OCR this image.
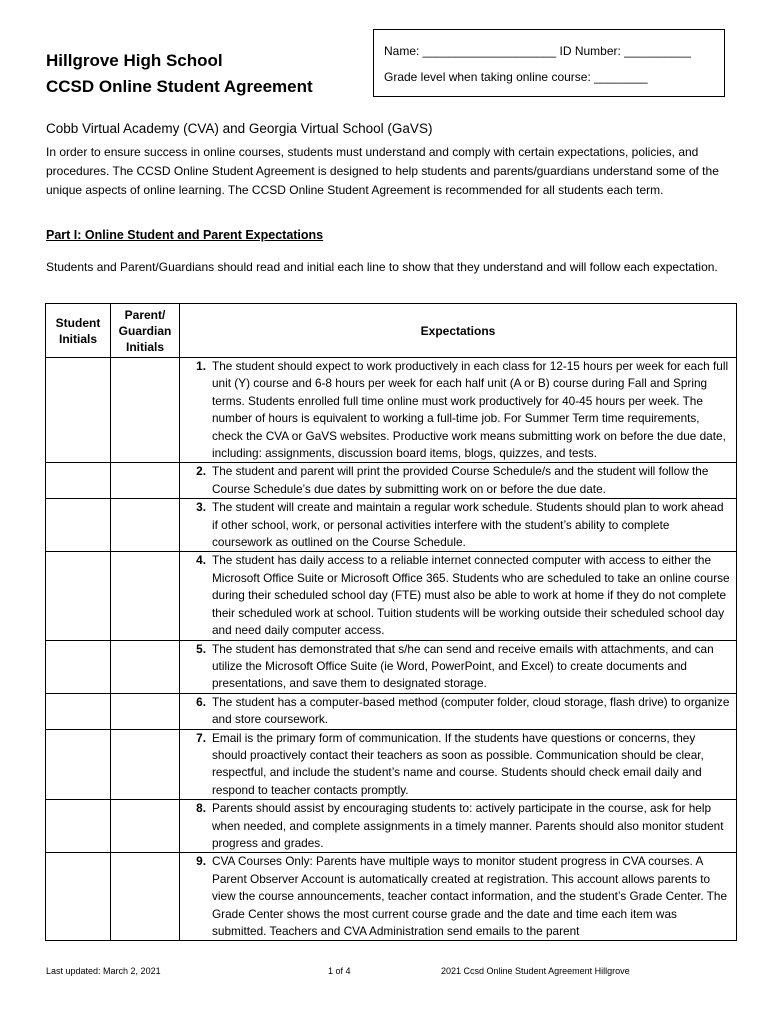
Hillgrove High School
CCSD Online Student Agreement
Name: ____________________ ID Number: __________
Grade level when taking online course: ________
Cobb Virtual Academy (CVA) and Georgia Virtual School (GaVS)
In order to ensure success in online courses, students must understand and comply with certain expectations, policies, and procedures. The CCSD Online Student Agreement is designed to help students and parents/guardians understand some of the unique aspects of online learning. The CCSD Online Student Agreement is recommended for all students each term.
Part I: Online Student and Parent Expectations
Students and Parent/Guardians should read and initial each line to show that they understand and will follow each expectation.
Student Initials	Parent/ Guardian Initials	Expectations

		1. The student should expect to work productively in each class for 12-15 hours per week for each full unit (Y) course and 6-8 hours per week for each half unit (A or B) course during Fall and Spring terms. Students enrolled full time online must work productively for 40-45 hours per week. The number of hours is equivalent to working a full-time job. For Summer Term time requirements, check the CVA or GaVS websites. Productive work means submitting work on before the due date, including: assignments, discussion board items, blogs, quizzes, and tests.

		2. The student and parent will print the provided Course Schedule/s and the student will follow the Course Schedule’s due dates by submitting work on or before the due date.

		3. The student will create and maintain a regular work schedule. Students should plan to work ahead if other school, work, or personal activities interfere with the student’s ability to complete coursework as outlined on the Course Schedule.

		4. The student has daily access to a reliable internet connected computer with access to either the Microsoft Office Suite or Microsoft Office 365. Students who are scheduled to take an online course during their scheduled school day (FTE) must also be able to work at home if they do not complete their scheduled work at school. Tuition students will be working outside their scheduled school day and need daily computer access.

		5. The student has demonstrated that s/he can send and receive emails with attachments, and can utilize the Microsoft Office Suite (ie Word, PowerPoint, and Excel) to create documents and presentations, and save them to designated storage.

		6. The student has a computer-based method (computer folder, cloud storage, flash drive) to organize and store coursework.

		7. Email is the primary form of communication. If the students have questions or concerns, they should proactively contact their teachers as soon as possible. Communication should be clear, respectful, and include the student’s name and course. Students should check email daily and respond to teacher contacts promptly.

		8. Parents should assist by encouraging students to: actively participate in the course, ask for help when needed, and complete assignments in a timely manner. Parents should also monitor student progress and grades.

		9. CVA Courses Only: Parents have multiple ways to monitor student progress in CVA courses. A Parent Observer Account is automatically created at registration. This account allows parents to view the course announcements, teacher contact information, and the student’s Grade Center. The Grade Center shows the most current course grade and the date and time each item was submitted. Teachers and CVA Administration send emails to the parent
Last updated: March 2, 2021	1 of 4	2021 Ccsd Online Student Agreement Hillgrove
